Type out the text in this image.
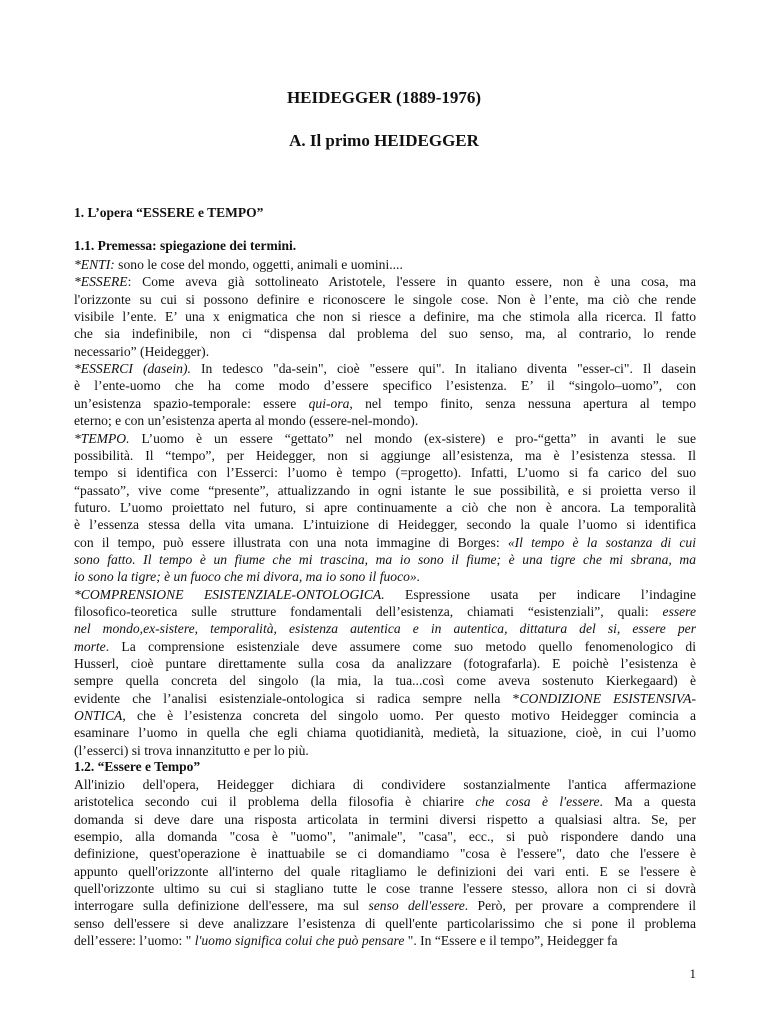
HEIDEGGER (1889-1976)
A. Il primo HEIDEGGER
1. L’opera “ESSERE e TEMPO”
1.1. Premessa: spiegazione dei termini.
*ENTI: sono le cose del mondo, oggetti, animali e uomini....
*ESSERE: Come aveva già sottolineato Aristotele, l'essere in quanto essere, non è una cosa, ma
l'orizzonte su cui si possono definire e riconoscere le singole cose. Non è l’ente, ma ciò che rende
visibile l’ente. E’ una x enigmatica che non si riesce a definire, ma che stimola alla ricerca. Il fatto
che sia indefinibile, non ci “dispensa dal problema del suo senso, ma, al contrario, lo rende
necessario” (Heidegger).
*ESSERCI (dasein). In tedesco "da-sein", cioè "essere qui". In italiano diventa "esser-ci". Il dasein
è l’ente-uomo che ha come modo d’essere specifico l’esistenza. E’ il “singolo–uomo”, con
un’esistenza spazio-temporale: essere qui-ora, nel tempo finito, senza nessuna apertura al tempo
eterno; e con un’esistenza aperta al mondo (essere-nel-mondo).
*TEMPO. L’uomo è un essere “gettato” nel mondo (ex-sistere) e pro-“getta” in avanti le sue
possibilità. Il “tempo”, per Heidegger, non si aggiunge all’esistenza, ma è l’esistenza stessa. Il
tempo si identifica con l’Esserci: l’uomo è tempo (=progetto). Infatti, L’uomo si fa carico del suo
“passato”, vive come “presente”, attualizzando in ogni istante le sue possibilità, e si proietta verso il
futuro. L’uomo proiettato nel futuro, si apre continuamente a ciò che non è ancora. La temporalità
è l’essenza stessa della vita umana. L’intuizione di Heidegger, secondo la quale l’uomo si identifica
con il tempo, può essere illustrata con una nota immagine di Borges: «Il tempo è la sostanza di cui
sono fatto. Il tempo è un fiume che mi trascina, ma io sono il fiume; è una tigre che mi sbrana, ma
io sono la tigre; è un fuoco che mi divora, ma io sono il fuoco».
*COMPRENSIONE ESISTENZIALE-ONTOLOGICA. Espressione usata per indicare l’indagine
filosofico-teoretica sulle strutture fondamentali dell’esistenza, chiamati “esistenziali”, quali: essere
nel mondo,ex-sistere, temporalità, esistenza autentica e in autentica, dittatura del si, essere per
morte. La comprensione esistenziale deve assumere come suo metodo quello fenomenologico di
Husserl, cioè puntare direttamente sulla cosa da analizzare (fotografarla). E poichè l’esistenza è
sempre quella concreta del singolo (la mia, la tua...così come aveva sostenuto Kierkegaard) è
evidente che l’analisi esistenziale-ontologica si radica sempre nella *CONDIZIONE ESISTENSIVA-
ONTICA, che è l’esistenza concreta del singolo uomo. Per questo motivo Heidegger comincia a
esaminare l’uomo in quella che egli chiama quotidianità, medietà, la situazione, cioè, in cui l’uomo
(l’esserci) si trova innanzitutto e per lo più.
1.2. “Essere e Tempo”
All'inizio dell'opera, Heidegger dichiara di condividere sostanzialmente l'antica affermazione
aristotelica secondo cui il problema della filosofia è chiarire che cosa è l'essere. Ma a questa
domanda si deve dare una risposta articolata in termini diversi rispetto a qualsiasi altra. Se, per
esempio, alla domanda "cosa è "uomo", "animale", "casa", ecc., si può rispondere dando una
definizione, quest'operazione è inattuabile se ci domandiamo "cosa è l'essere", dato che l'essere è
appunto quell'orizzonte all'interno del quale ritagliamo le definizioni dei vari enti. E se l'essere è
quell'orizzonte ultimo su cui si stagliano tutte le cose tranne l'essere stesso, allora non ci si dovrà
interrogare sulla definizione dell'essere, ma sul senso dell'essere. Però, per provare a comprendere il
senso dell'essere si deve analizzare l’esistenza di quell'ente particolarissimo che si pone il problema
dell’essere: l’uomo: " l'uomo significa colui che può pensare ". In “Essere e il tempo”, Heidegger fa
1
